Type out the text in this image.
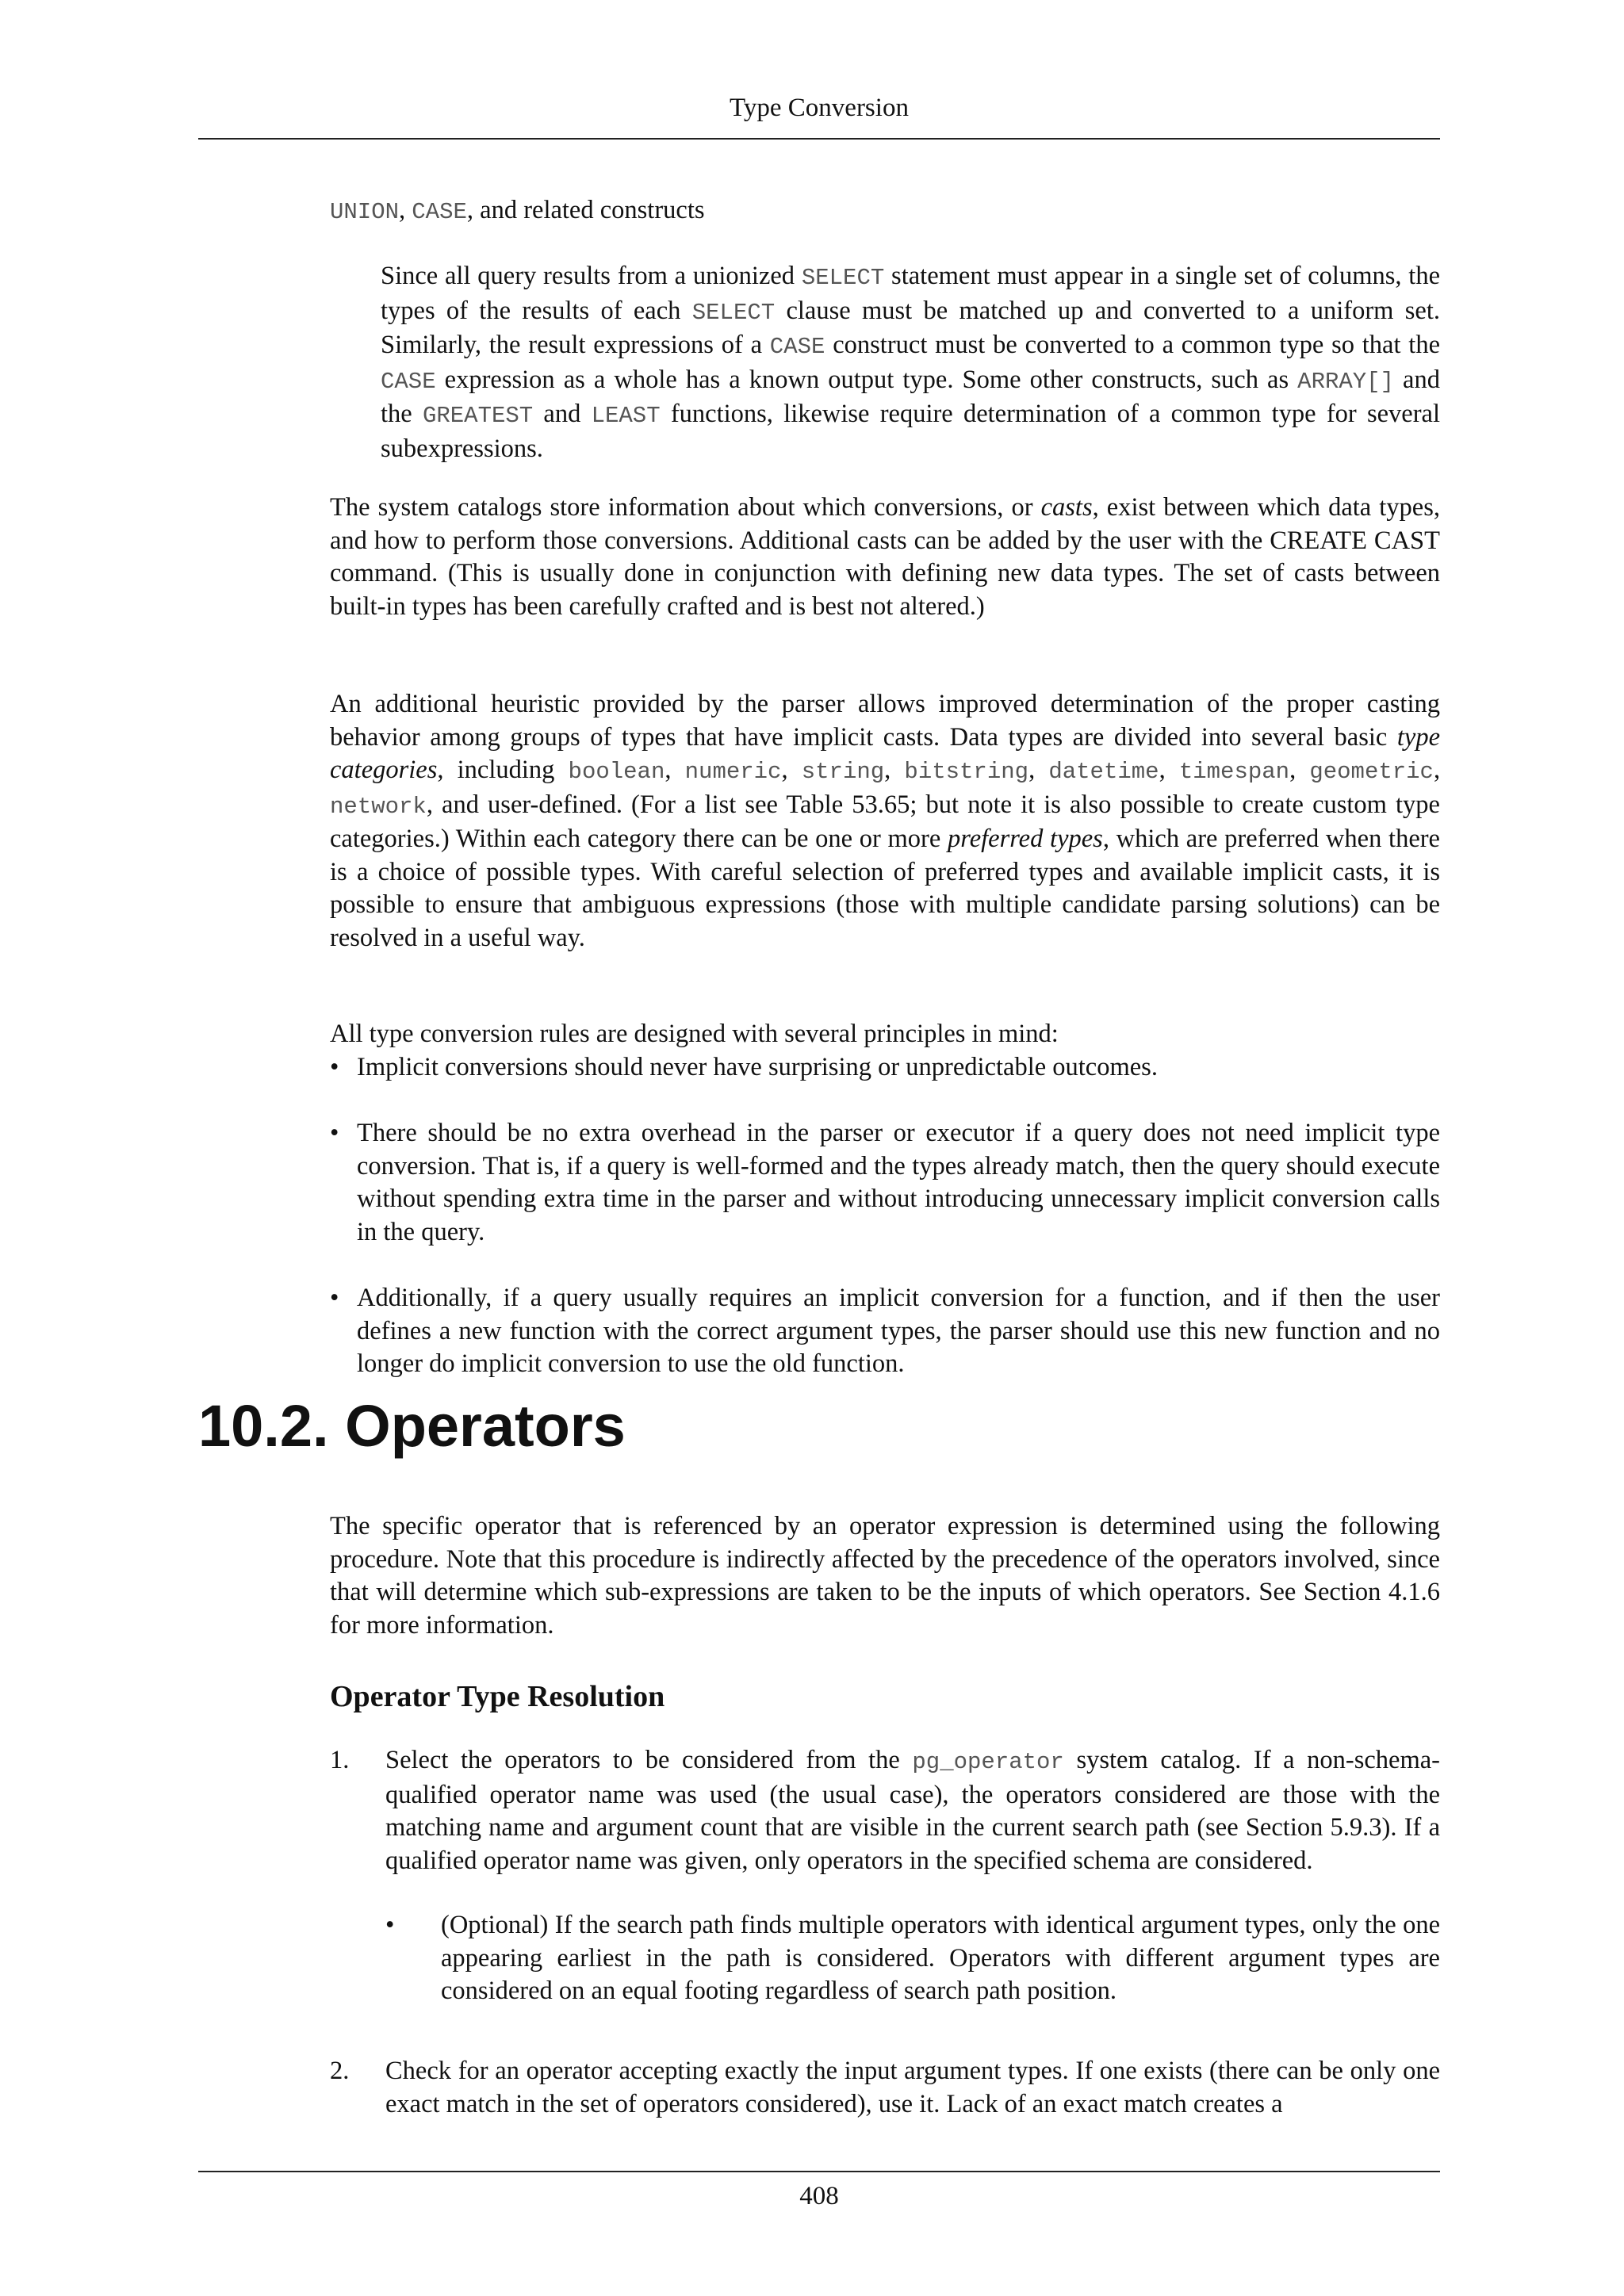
Type Conversion

UNION, CASE, and related constructs

Since all query results from a unionized SELECT statement must appear in a single set of columns, the types of the results of each SELECT clause must be matched up and converted to a uniform set. Similarly, the result expressions of a CASE construct must be converted to a common type so that the CASE expression as a whole has a known output type. Some other constructs, such as ARRAY[] and the GREATEST and LEAST functions, likewise require determination of a common type for several subexpressions.

The system catalogs store information about which conversions, or casts, exist between which data types, and how to perform those conversions. Additional casts can be added by the user with the CREATE CAST command. (This is usually done in conjunction with defining new data types. The set of casts between built-in types has been carefully crafted and is best not altered.)

An additional heuristic provided by the parser allows improved determination of the proper casting behavior among groups of types that have implicit casts. Data types are divided into several basic type categories, including boolean, numeric, string, bitstring, datetime, timespan, geometric, network, and user-defined. (For a list see Table 53.65; but note it is also possible to create custom type categories.) Within each category there can be one or more preferred types, which are preferred when there is a choice of possible types. With careful selection of preferred types and available implicit casts, it is possible to ensure that ambiguous expressions (those with multiple candidate parsing solutions) can be resolved in a useful way.

All type conversion rules are designed with several principles in mind:

• Implicit conversions should never have surprising or unpredictable outcomes.
• There should be no extra overhead in the parser or executor if a query does not need implicit type conversion. That is, if a query is well-formed and the types already match, then the query should execute without spending extra time in the parser and without introducing unnecessary implicit conversion calls in the query.
• Additionally, if a query usually requires an implicit conversion for a function, and if then the user defines a new function with the correct argument types, the parser should use this new function and no longer do implicit conversion to use the old function.
10.2. Operators

The specific operator that is referenced by an operator expression is determined using the following procedure. Note that this procedure is indirectly affected by the precedence of the operators involved, since that will determine which sub-expressions are taken to be the inputs of which operators. See Section 4.1.6 for more information.

Operator Type Resolution
1. Select the operators to be considered from the pg_operator system catalog. If a non-schema-qualified operator name was used (the usual case), the operators considered are those with the matching name and argument count that are visible in the current search path (see Section 5.9.3). If a qualified operator name was given, only operators in the specified schema are considered.
• (Optional) If the search path finds multiple operators with identical argument types, only the one appearing earliest in the path is considered. Operators with different argument types are considered on an equal footing regardless of search path position.
2. Check for an operator accepting exactly the input argument types. If one exists (there can be only one exact match in the set of operators considered), use it. Lack of an exact match creates a
408
